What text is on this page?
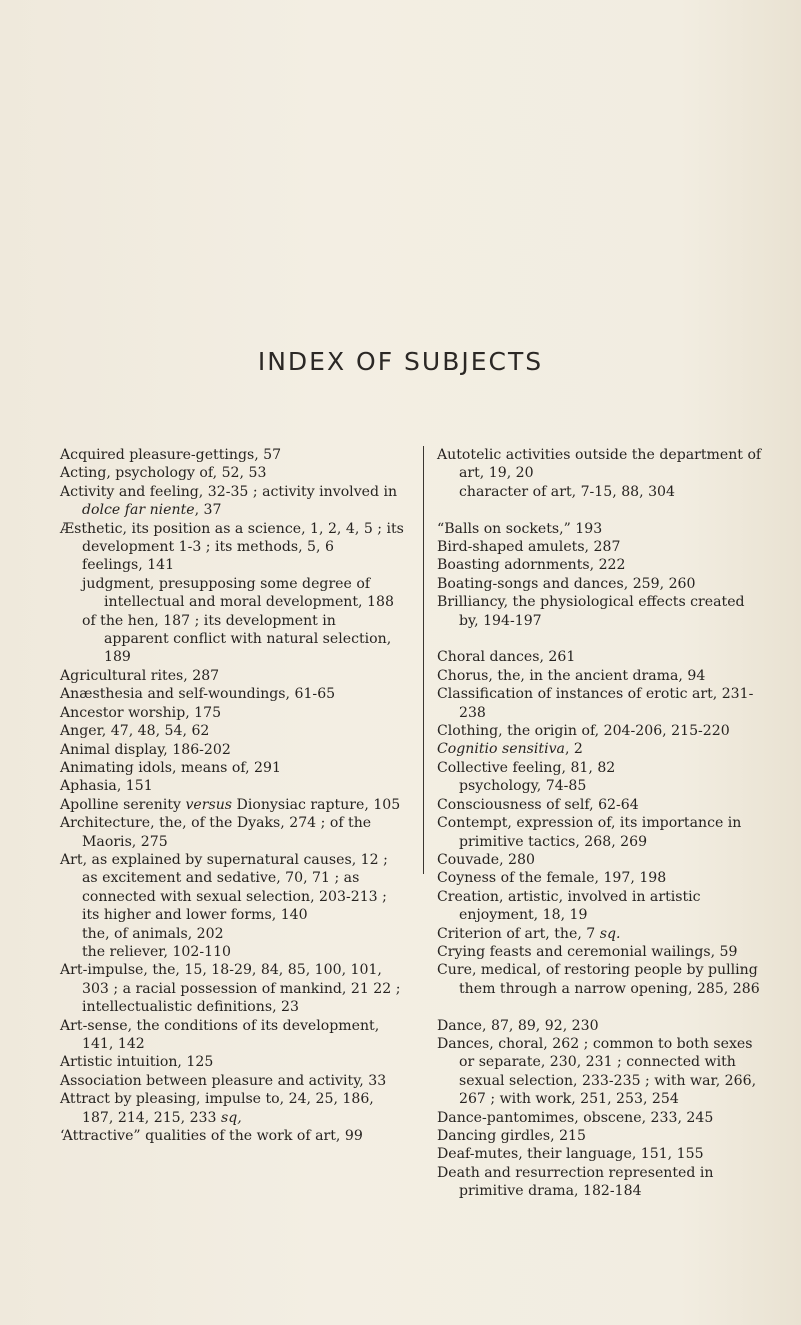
INDEX OF SUBJECTS

Acquired pleasure-gettings, 57

Acting, psychology of, 52, 53

Activity and feeling, 32-35 ; activity involved in dolce far niente, 37

Æsthetic, its position as a science, 1, 2, 4, 5 ; its development 1-3 ; its methods, 5, 6

feelings, 141

judgment, presupposing some degree of intellectual and moral development, 188

of the hen, 187 ; its development in apparent conflict with natural selection, 189

Agricultural rites, 287

Anæsthesia and self-woundings, 61-65

Ancestor worship, 175

Anger, 47, 48, 54, 62

Animal display, 186-202

Animating idols, means of, 291

Aphasia, 151

Apolline serenity versus Dionysiac rapture, 105

Architecture, the, of the Dyaks, 274 ; of the Maoris, 275

Art, as explained by supernatural causes, 12 ; as excitement and sedative, 70, 71 ; as connected with sexual selection, 203-213 ; its higher and lower forms, 140

the, of animals, 202

the reliever, 102-110

Art-impulse, the, 15, 18-29, 84, 85, 100, 101, 303 ; a racial possession of mankind, 21 22 ; intellectualistic definitions, 23

Art-sense, the conditions of its development, 141, 142

Artistic intuition, 125

Association between pleasure and activity, 33

Attract by pleasing, impulse to, 24, 25, 186, 187, 214, 215, 233 sq,

‘Attractive” qualities of the work of art, 99

Autotelic activities outside the department of art, 19, 20

character of art, 7-15, 88, 304

“Balls on sockets,” 193

Bird-shaped amulets, 287

Boasting adornments, 222

Boating-songs and dances, 259, 260

Brilliancy, the physiological effects created by, 194-197

Choral dances, 261

Chorus, the, in the ancient drama, 94

Classification of instances of erotic art, 231-238

Clothing, the origin of, 204-206, 215-220

Cognitio sensitiva, 2

Collective feeling, 81, 82

psychology, 74-85

Consciousness of self, 62-64

Contempt, expression of, its importance in primitive tactics, 268, 269

Couvade, 280

Coyness of the female, 197, 198

Creation, artistic, involved in artistic enjoyment, 18, 19

Criterion of art, the, 7 sq.

Crying feasts and ceremonial wailings, 59

Cure, medical, of restoring people by pulling them through a narrow opening, 285, 286

Dance, 87, 89, 92, 230

Dances, choral, 262 ; common to both sexes or separate, 230, 231 ; connected with sexual selection, 233-235 ; with war, 266, 267 ; with work, 251, 253, 254

Dance-pantomimes, obscene, 233, 245

Dancing girdles, 215

Deaf-mutes, their language, 151, 155

Death and resurrection represented in primitive drama, 182-184
